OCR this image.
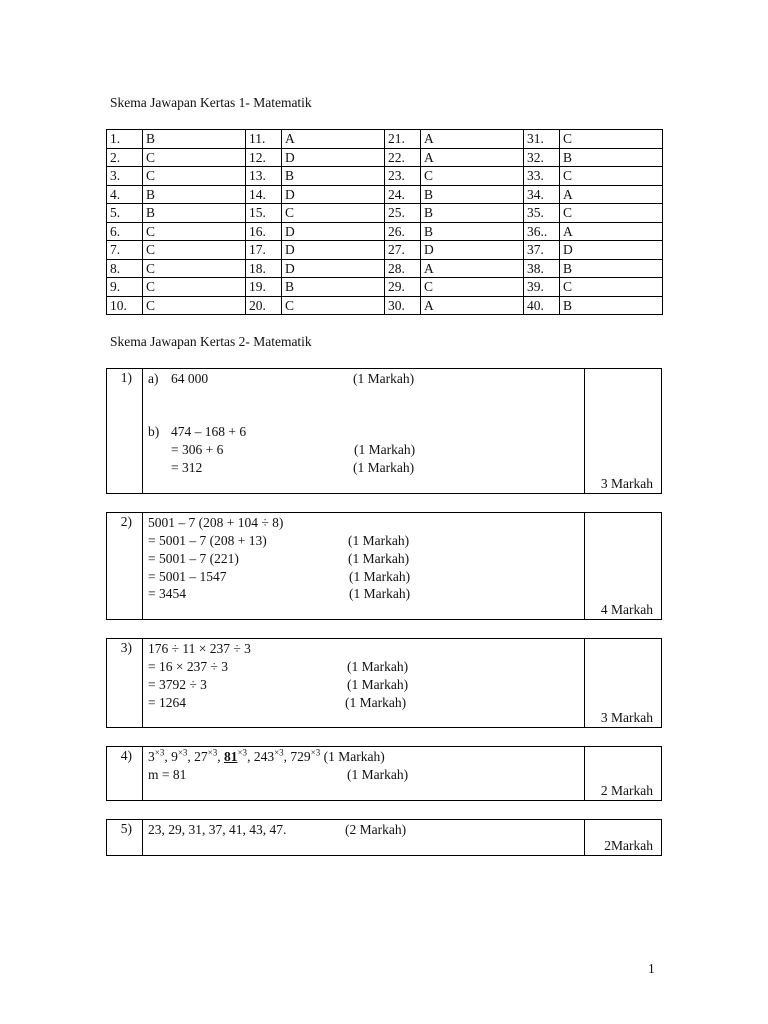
Skema Jawapan Kertas 1- Matematik
1.	B	11.	A	21.	A	31.	C
2.	C	12.	D	22.	A	32.	B
3.	C	13.	B	23.	C	33.	C
4.	B	14.	D	24.	B	34.	A
5.	B	15.	C	25.	B	35.	C
6.	C	16.	D	26.	B	36..	A
7.	C	17.	D	27.	D	37.	D
8.	C	18.	D	28.	A	38.	B
9.	C	19.	B	29.	C	39.	C
10.	C	20.	C	30.	A	40.	B
Skema Jawapan Kertas 2- Matematik
1)	a) 64 000	(1 Markah)
b) 474 – 168 + 6
= 306 + 6	(1 Markah)
= 312	(1 Markah)
3 Markah
2)	5001 – 7 (208 + 104 ÷ 8)
= 5001 – 7 (208 + 13)	(1 Markah)
= 5001 – 7 (221)	(1 Markah)
= 5001 – 1547	(1 Markah)
= 3454	(1 Markah)
4 Markah
3)	176 ÷ 11 × 237 ÷ 3
= 16 × 237 ÷ 3	(1 Markah)
= 3792 ÷ 3	(1 Markah)
= 1264	(1 Markah)
3 Markah
4)	$3^{\times 3}$, $9^{\times 3}$, $27^{\times 3}$, $81^{\times 3}$, $243^{\times 3}$, $729^{\times 3}$ (1 Markah)
m = 81	(1 Markah)
2 Markah
5)	23, 29, 31, 37, 41, 43, 47.	(2 Markah)
2Markah
1
